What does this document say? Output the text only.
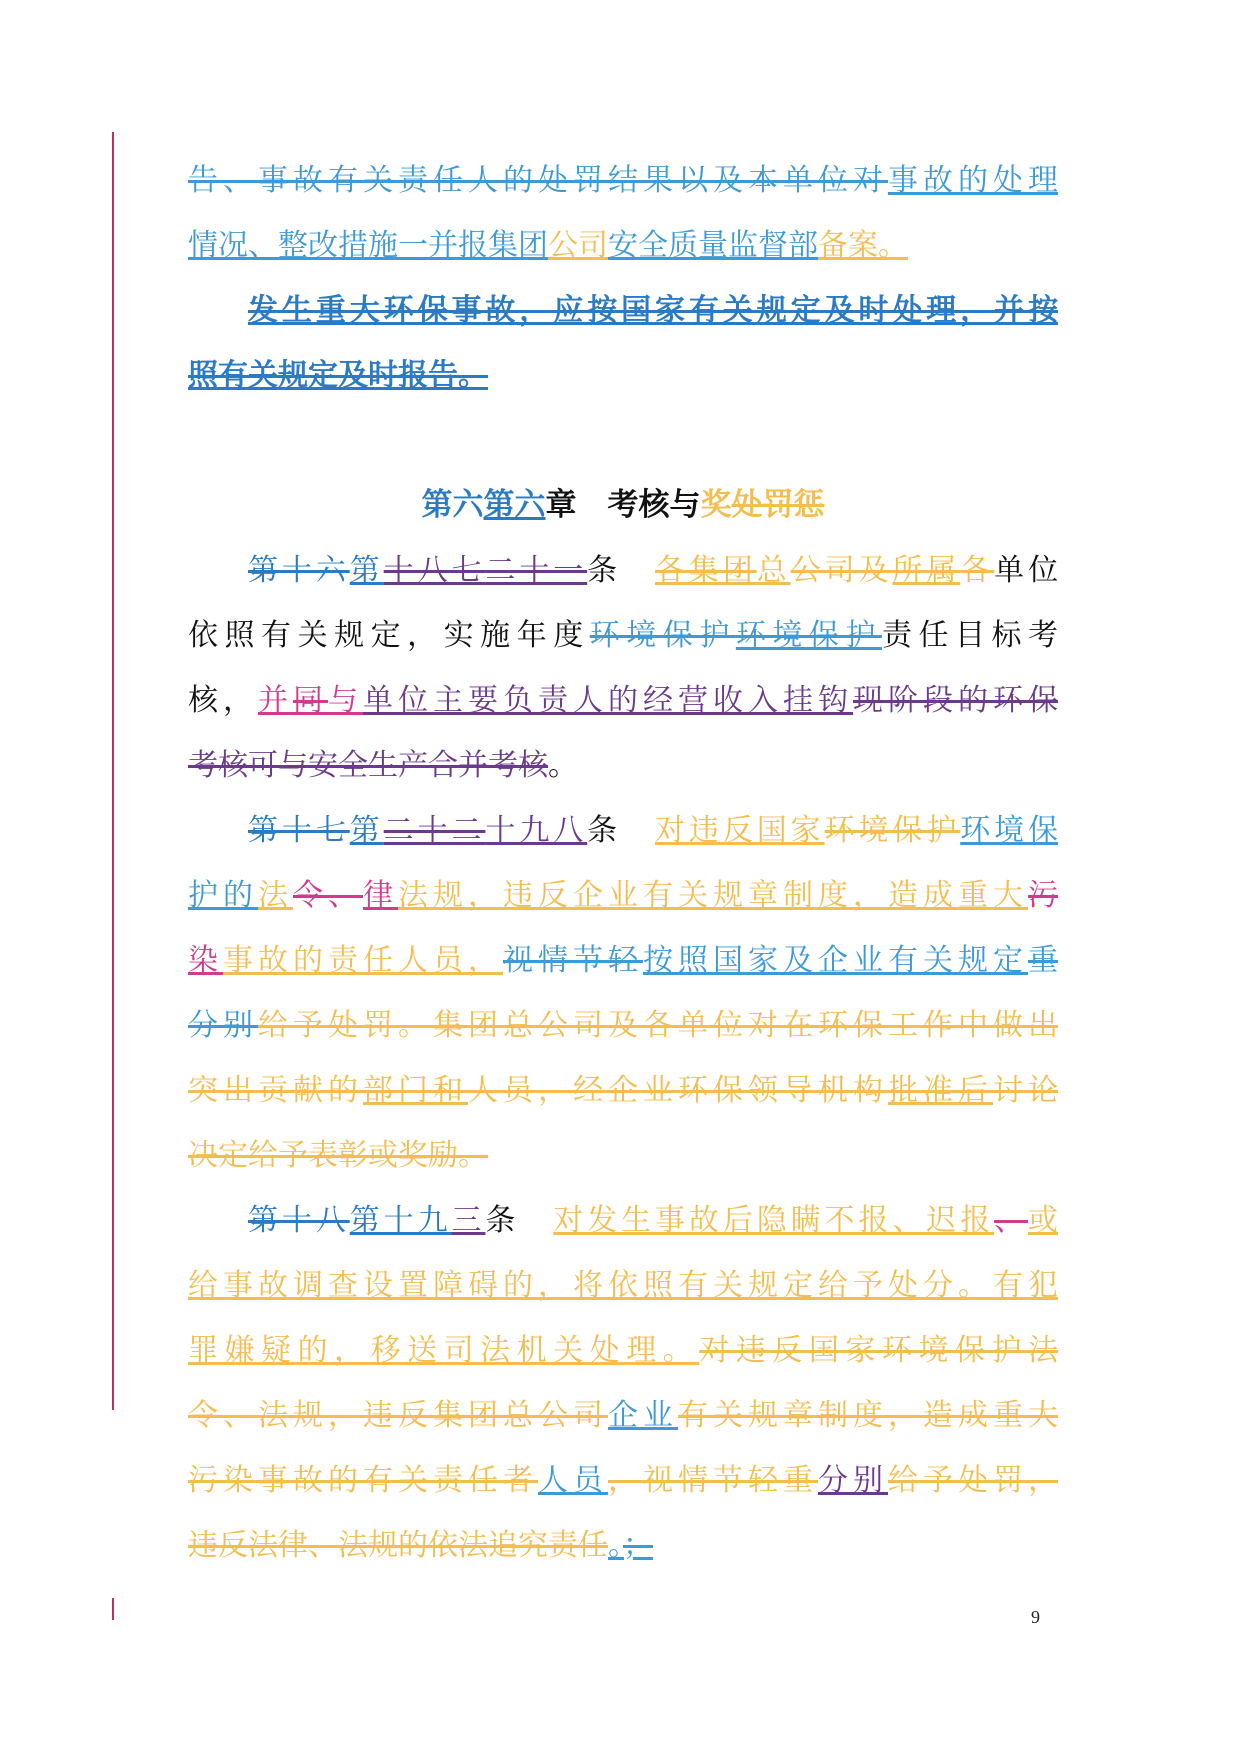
告、事故有关责任人的处罚结果以及本单位对事故的处理
情况、整改措施一并报集团公司安全质量监督部备案。
发生重大环保事故，应按国家有关规定及时处理，并按
照有关规定及时报告。
第六第六章　考核与奖处罚惩
第十六第十八七二十一条　各集团总公司及所属各单位
依照有关规定，实施年度环境保护环境保护责任目标考
核，并同与单位主要负责人的经营收入挂钩现阶段的环保
考核可与安全生产合并考核。
第十七第二十二十九八条　对违反国家环境保护环境保
护的法令、律法规，违反企业有关规章制度，造成重大污
染事故的责任人员，视情节轻按照国家及企业有关规定重
分别给予处罚。集团总公司及各单位对在环保工作中做出
突出贡献的部门和人员，经企业环保领导机构批准后讨论
决定给予表彰或奖励。
第十八第十九三条　对发生事故后隐瞒不报、迟报、或
给事故调查设置障碍的，将依照有关规定给予处分。有犯
罪嫌疑的，移送司法机关处理。对违反国家环境保护法
令、法规，违反集团总公司企业有关规章制度，造成重大
污染事故的有关责任者人员，视情节轻重分别给予处罚，
违反法律、法规的依法追究责任。；
9
